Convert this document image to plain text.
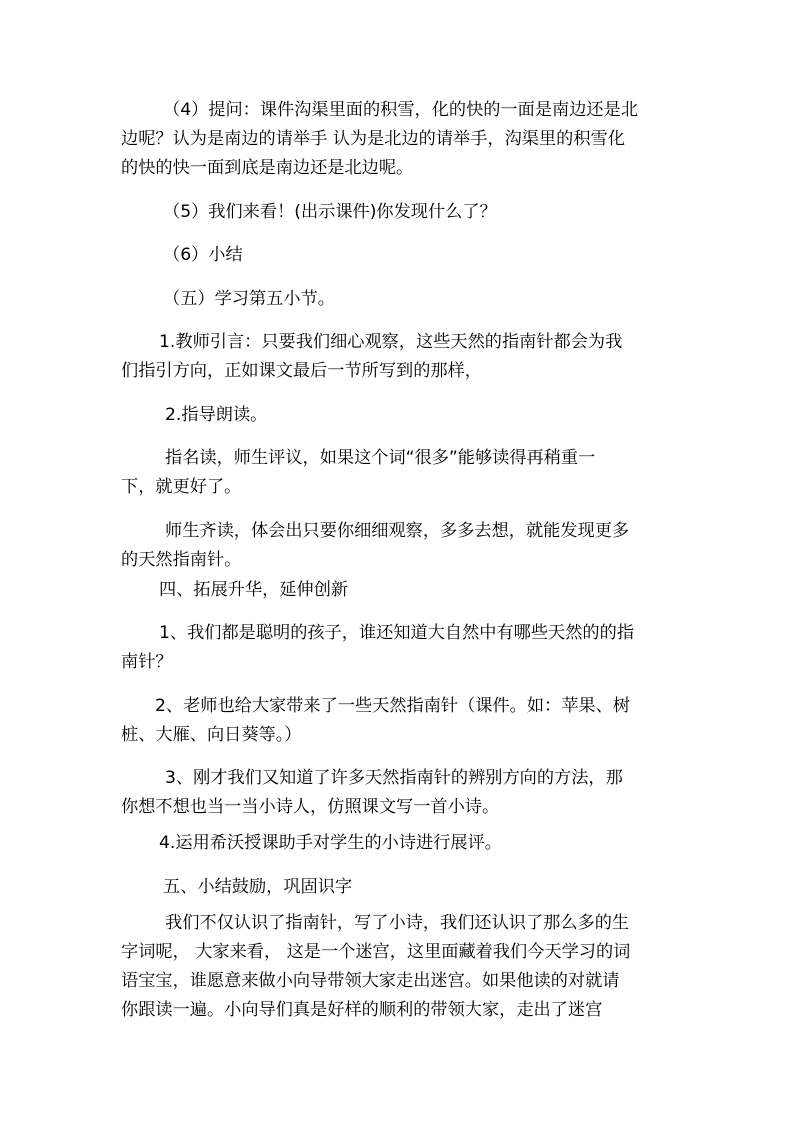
（4）提问：课件沟渠里面的积雪，化的快的一面是南边还是北
边呢？认为是南边的请举手 认为是北边的请举手，沟渠里的积雪化
的快的快一面到底是南边还是北边呢。
（5）我们来看！(出示课件)你发现什么了？
（6）小结
（五）学习第五小节。
1.教师引言：只要我们细心观察，这些天然的指南针都会为我
们指引方向，正如课文最后一节所写到的那样，
2.指导朗读。
指名读，师生评议，如果这个词“很多”能够读得再稍重一
下，就更好了。
师生齐读，体会出只要你细细观察，多多去想，就能发现更多
的天然指南针。
四、拓展升华，延伸创新
1、我们都是聪明的孩子，谁还知道大自然中有哪些天然的的指
南针？
2、老师也给大家带来了一些天然指南针（课件。如：苹果、树
桩、大雁、向日葵等。）
3、刚才我们又知道了许多天然指南针的辨别方向的方法，那
你想不想也当一当小诗人，仿照课文写一首小诗。
4.运用希沃授课助手对学生的小诗进行展评。
五、小结鼓励，巩固识字
我们不仅认识了指南针，写了小诗，我们还认识了那么多的生
字词呢， 大家来看， 这是一个迷宫，这里面藏着我们今天学习的词
语宝宝，谁愿意来做小向导带领大家走出迷宫。如果他读的对就请
你跟读一遍。小向导们真是好样的顺利的带领大家，走出了迷宫
